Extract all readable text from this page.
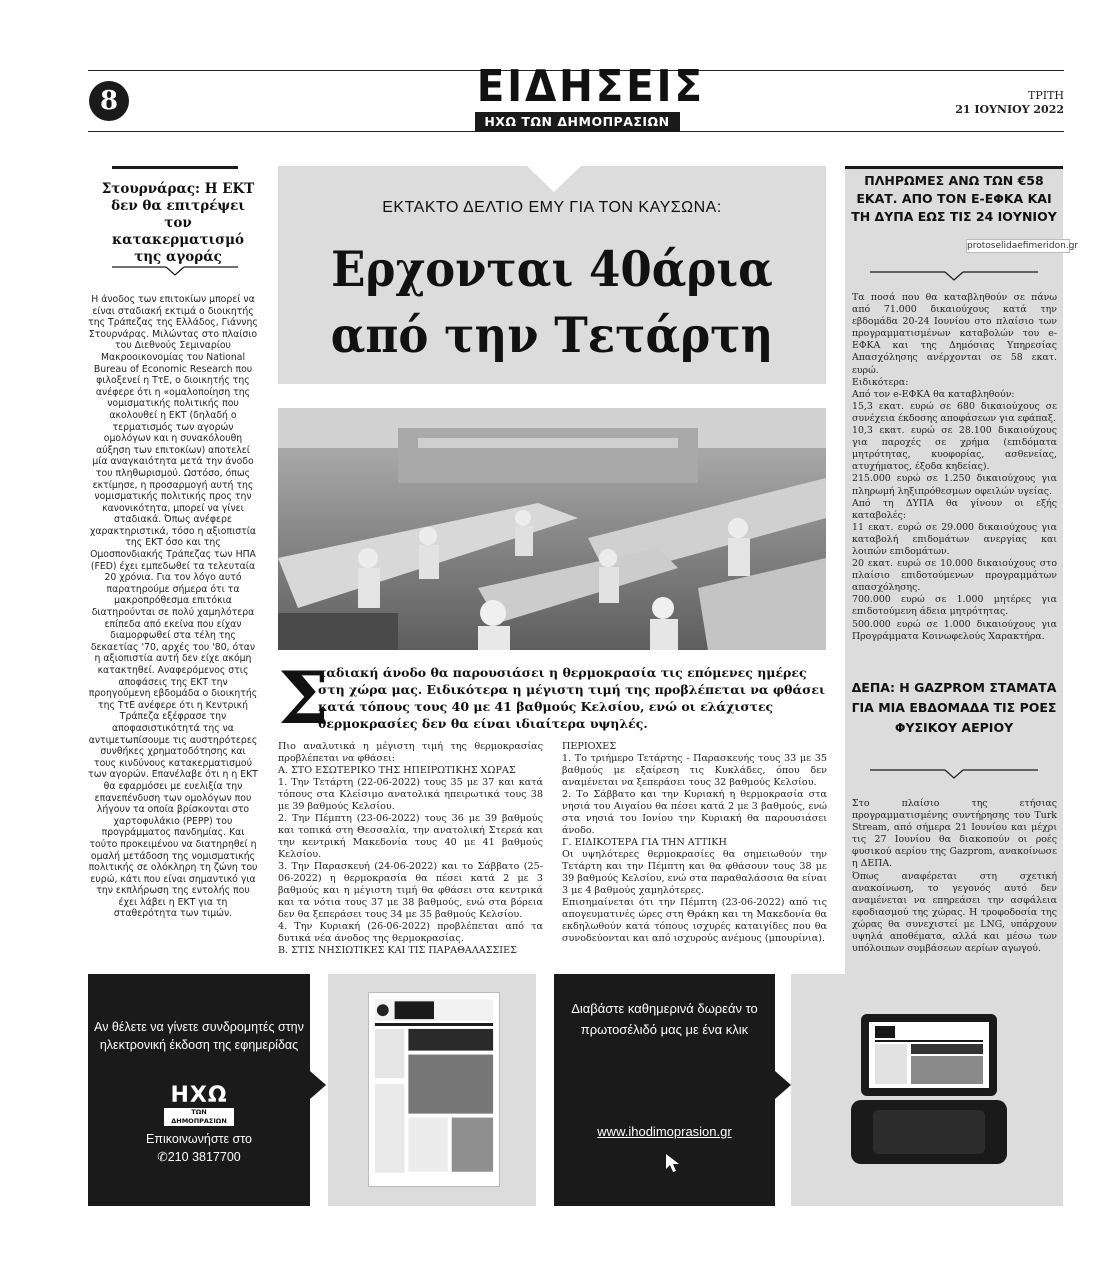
8	ΕΙΔΗΣΕΙΣ
ΗΧΩ ΤΩΝ ΔΗΜΟΠΡΑΣΙΩΝ
ΤΡΙΤΗ
21 ΙΟΥΝΙΟΥ 2022
Στουρνάρας: Η ΕΚΤ δεν θα επιτρέψει τον κατακερματισμό της αγοράς
Η άνοδος των επιτοκίων μπορεί να είναι σταδιακή εκτιμά ο διοικητής της Τράπεζας της Ελλάδος, Γιάννης Στουρνάρας. Μιλώντας στο πλαίσιο του Διεθνούς Σεμιναρίου Μακροοικονομίας του National Bureau of Economic Research που φιλοξενεί η ΤτΕ, ο διοικητής της ανέφερε ότι η «ομαλοποίηση της νομισματικής πολιτικής που ακολουθεί η ΕΚΤ (δηλαδή ο τερματισμός των αγορών ομολόγων και η συνακόλουθη αύξηση των επιτοκίων) αποτελεί μία αναγκαιότητα μετά την άνοδο του πληθωρισμού. Ωστόσο, όπως εκτίμησε, η προσαρμογή αυτή της νομισματικής πολιτικής προς την κανονικότητα, μπορεί να γίνει σταδιακά. Όπως ανέφερε χαρακτηριστικά, τόσο η αξιοπιστία της ΕΚΤ όσο και της Ομοσπονδιακής Τράπεζας των ΗΠΑ (FED) έχει εμπεδωθεί τα τελευταία 20 χρόνια. Για τον λόγο αυτό παρατηρούμε σήμερα ότι τα μακροπρόθεσμα επιτόκια διατηρούνται σε πολύ χαμηλότερα επίπεδα από εκείνα που είχαν διαμορφωθεί στα τέλη της δεκαετίας '70, αρχές του '80, όταν η αξιοπιστία αυτή δεν είχε ακόμη κατακτηθεί. Αναφερόμενος στις αποφάσεις της ΕΚΤ την προηγούμενη εβδομάδα ο διοικητής της ΤτΕ ανέφερε ότι η Κεντρική Τράπεζα εξέφρασε την αποφασιστικότητά της να αντιμετωπίσουμε τις αυστηρότερες συνθήκες χρηματοδότησης και τους κινδύνους κατακερματισμού των αγορών. Επανέλαβε ότι η η ΕΚΤ θα εφαρμόσει με ευελιξία την επανεπένδυση των ομολόγων που λήγουν τα οποία βρίσκονται στο χαρτοφυλάκιο (PEPP) του προγράμματος πανδημίας. Και τούτο προκειμένου να διατηρηθεί η ομαλή μετάδοση της νομισματικής πολιτικής σε ολόκληρη τη ζώνη του ευρώ, κάτι που είναι σημαντικό για την εκπλήρωση της εντολής που έχει λάβει η ΕΚΤ για τη σταθερότητα των τιμών.
ΕΚΤΑΚΤΟ ΔΕΛΤΙΟ ΕΜΥ ΓΙΑ ΤΟΝ ΚΑΥΣΩΝΑ:
Ερχονται 40άρια
από την Τετάρτη
Σ
ταδιακή άνοδο θα παρουσιάσει η θερμοκρασία τις επόμενες ημέρες στη χώρα μας. Ειδικότερα η μέγιστη τιμή της προβλέπεται να φθάσει κατά τόπους τους 40 με 41 βαθμούς Κελσίου, ενώ οι ελάχιστες θερμοκρασίες δεν θα είναι ιδιαίτερα υψηλές.
Πιο αναλυτικά η μέγιστη τιμή της θερμοκρασίας προβλέπεται να φθάσει:
Α. ΣΤΟ ΕΣΩΤΕΡΙΚΟ ΤΗΣ ΗΠΕΙΡΩΤΙΚΗΣ ΧΩΡΑΣ
1. Την Τετάρτη (22-06-2022) τους 35 με 37 και κατά τόπους στα Κλείσιμο ανατολικά ηπειρωτικά τους 38 με 39 βαθμούς Κελσίου.
2. Την Πέμπτη (23-06-2022) τους 36 με 39 βαθμούς και τοπικά στη Θεσσαλία, την ανατολική Στερεά και την κεντρική Μακεδονία τους 40 με 41 βαθμούς Κελσίου.
3. Την Παρασκευή (24-06-2022) και το Σάββατο (25-06-2022) η θερμοκρασία θα πέσει κατά 2 με 3 βαθμούς και η μέγιστη τιμή θα φθάσει στα κεντρικά και τα νότια τους 37 με 38 βαθμούς, ενώ στα βόρεια δεν θα ξεπεράσει τους 34 με 35 βαθμούς Κελσίου.
4. Την Κυριακή (26-06-2022) προβλέπεται από τα δυτικά νέα άνοδος της θερμοκρασίας.
Β. ΣΤΙΣ ΝΗΣΙΩΤΙΚΕΣ ΚΑΙ ΤΙΣ ΠΑΡΑΘΑΛΑΣΣΙΕΣ
ΠΕΡΙΟΧΕΣ
1. Το τριήμερο Τετάρτης - Παρασκευής τους 33 με 35 βαθμούς με εξαίρεση τις Κυκλάδες, όπου δεν αναμένεται να ξεπεράσει τους 32 βαθμούς Κελσίου.
2. Το Σάββατο και την Κυριακή η θερμοκρασία στα νησιά του Αιγαίου θα πέσει κατά 2 με 3 βαθμούς, ενώ στα νησιά του Ιονίου την Κυριακή θα παρουσιάσει άνοδο.
Γ. ΕΙΔΙΚΟΤΕΡΑ ΓΙΑ ΤΗΝ ΑΤΤΙΚΗ
Οι υψηλότερες θερμοκρασίες θα σημειωθούν την Τετάρτη και την Πέμπτη και θα φθάσουν τους 38 με 39 βαθμούς Κελσίου, ενώ στα παραθαλάσσια θα είναι 3 με 4 βαθμούς χαμηλότερες.
Επισημαίνεται ότι την Πέμπτη (23-06-2022) από τις απογευματινές ώρες στη Θράκη και τη Μακεδονία θα εκδηλωθούν κατά τόπους ισχυρές καταιγίδες που θα συνοδεύονται και από ισχυρούς ανέμους (μπουρίνια).
ΠΛΗΡΩΜΕΣ ΑΝΩ ΤΩΝ €58 ΕΚΑΤ. ΑΠΟ ΤΟΝ Ε-ΕΦΚΑ ΚΑΙ ΤΗ ΔΥΠΑ ΕΩΣ ΤΙΣ 24 ΙΟΥΝΙΟΥ
protoselidaefimeridon.gr
Τα ποσά που θα καταβληθούν σε πάνω από 71.000 δικαιούχους κατά την εβδομάδα 20-24 Ιουνίου στο πλαίσιο των προγραμματισμένων καταβολών του e-ΕΦΚΑ και της Δημόσιας Υπηρεσίας Απασχόλησης ανέρχονται σε 58 εκατ. ευρώ.
Ειδικότερα:
Από τον e-ΕΦΚΑ θα καταβληθούν:
15,3 εκατ. ευρώ σε 680 δικαιούχους σε συνέχεια έκδοσης αποφάσεων για εφάπαξ.
10,3 εκατ. ευρώ σε 28.100 δικαιούχους για παροχές σε χρήμα (επιδόματα μητρότητας, κυοφορίας, ασθενείας, ατυχήματος, έξοδα κηδείας).
215.000 ευρώ σε 1.250 δικαιούχους για πληρωμή ληξιπρόθεσμων οφειλών υγείας.
Από τη ΔΥΠΑ θα γίνουν οι εξής καταβολές:
11 εκατ. ευρώ σε 29.000 δικαιούχους για καταβολή επιδομάτων ανεργίας και λοιπών επιδομάτων.
20 εκατ. ευρώ σε 10.000 δικαιούχους στο πλαίσιο επιδοτούμενων προγραμμάτων απασχόλησης.
700.000 ευρώ σε 1.000 μητέρες για επιδοτούμενη άδεια μητρότητας.
500.000 ευρώ σε 1.000 δικαιούχους για Προγράμματα Κοινωφελούς Χαρακτήρα.
ΔΕΠΑ: Η GAZPROM ΣΤΑΜΑΤΑ ΓΙΑ ΜΙΑ ΕΒΔΟΜΑΔΑ ΤΙΣ ΡΟΕΣ ΦΥΣΙΚΟΥ ΑΕΡΙΟΥ
Στο πλαίσιο της ετήσιας προγραμματισμένης συντήρησης του Turk Stream, από σήμερα 21 Ιουνίου και μέχρι τις 27 Ιουνίου θα διακοπούν οι ροές φυσικού αερίου της Gazprom, ανακοίνωσε η ΔΕΠΑ.
Όπως αναφέρεται στη σχετική ανακοίνωση, το γεγονός αυτό δεν αναμένεται να επηρεάσει την ασφάλεια εφοδιασμού της χώρας. Η τροφοδοσία της χώρας θα συνεχιστεί με LNG, υπάρχουν υψηλά αποθέματα, αλλά και μέσω των υπόλοιπων συμβάσεων αερίων αγωγού.
Αν θέλετε να γίνετε συνδρομητές στην ηλεκτρονική έκδοση της εφημερίδας
ΗΧΩ
ΤΩΝ ΔΗΜΟΠΡΑΣΙΩΝ
Επικοινωνήστε στο
✆210 3817700
Διαβάστε καθημερινά δωρεάν το πρωτοσέλιδό μας με ένα κλικ
www.ihodimoprasion.gr
